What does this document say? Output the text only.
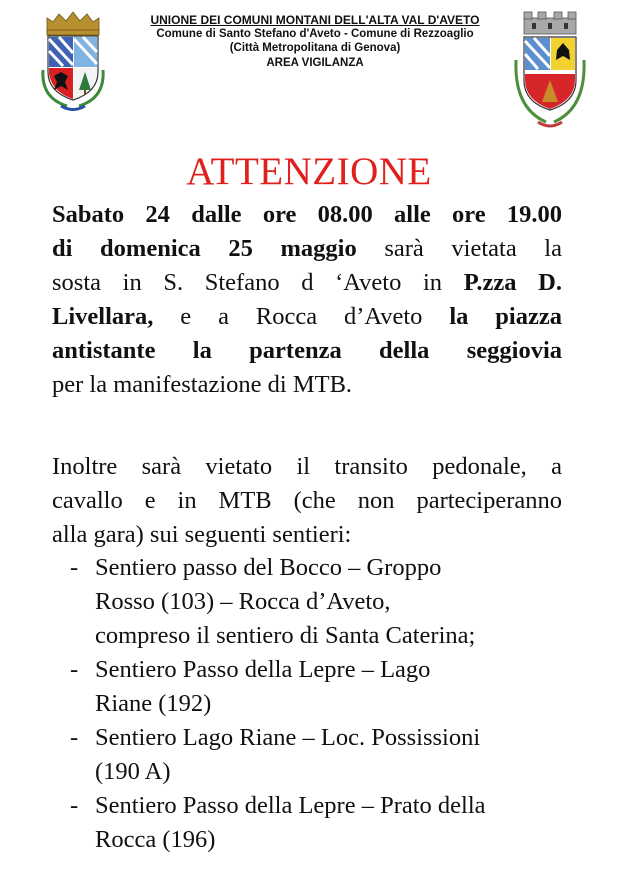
UNIONE DEI COMUNI MONTANI DELL'ALTA VAL D'AVETO
Comune di Santo Stefano d'Aveto - Comune di Rezzoaglio
(Città Metropolitana di Genova)
AREA VIGILANZA
ATTENZIONE
Sabato 24 dalle ore 08.00 alle ore 19.00
di domenica 25 maggio sarà vietata la
sosta in S. Stefano d ‘Aveto in P.zza D.
Livellara, e a Rocca d’Aveto la piazza
antistante la partenza della seggiovia
per la manifestazione di MTB.
Inoltre sarà vietato il transito pedonale, a
cavallo e in MTB (che non parteciperanno
alla gara) sui seguenti sentieri:
- Sentiero passo del Bocco – Groppo
Rosso (103) – Rocca d’Aveto,
compreso il sentiero di Santa Caterina;
- Sentiero Passo della Lepre – Lago
Riane (192)
- Sentiero Lago Riane – Loc. Possissioni
(190 A)
- Sentiero Passo della Lepre – Prato della
Rocca (196)
